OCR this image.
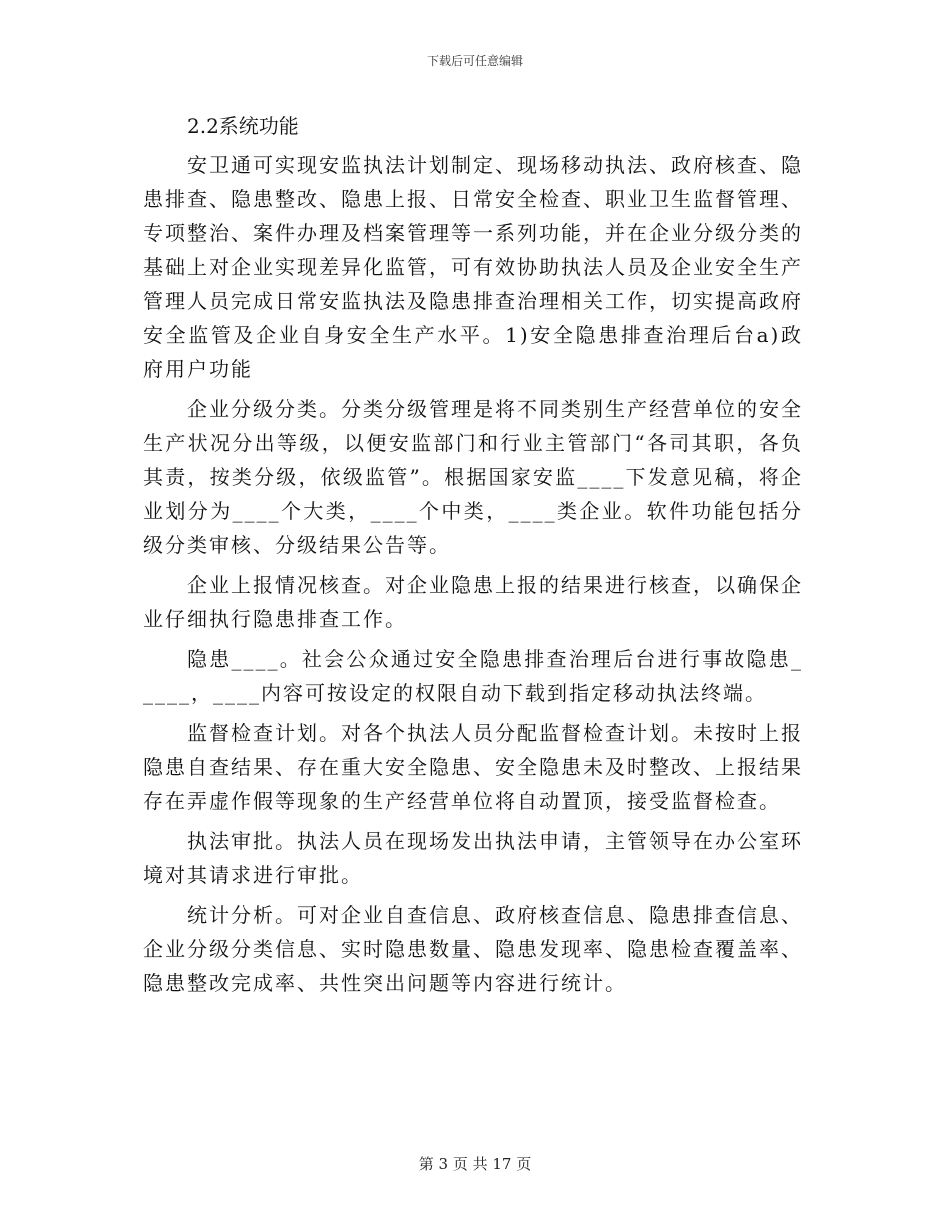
下载后可任意编辑

2.2系统功能

安卫通可实现安监执法计划制定、现场移动执法、政府核查、隐患排查、隐患整改、隐患上报、日常安全检查、职业卫生监督管理、专项整治、案件办理及档案管理等一系列功能，并在企业分级分类的基础上对企业实现差异化监管，可有效协助执法人员及企业安全生产管理人员完成日常安监执法及隐患排查治理相关工作，切实提高政府安全监管及企业自身安全生产水平。1)安全隐患排查治理后台a)政府用户功能

企业分级分类。分类分级管理是将不同类别生产经营单位的安全生产状况分出等级，以便安监部门和行业主管部门“各司其职，各负其责，按类分级，依级监管”。根据国家安监____下发意见稿，将企业划分为____个大类，____个中类，____类企业。软件功能包括分级分类审核、分级结果公告等。

企业上报情况核查。对企业隐患上报的结果进行核查，以确保企业仔细执行隐患排查工作。

隐患____。社会公众通过安全隐患排查治理后台进行事故隐患_____，____内容可按设定的权限自动下载到指定移动执法终端。

监督检查计划。对各个执法人员分配监督检查计划。未按时上报隐患自查结果、存在重大安全隐患、安全隐患未及时整改、上报结果存在弄虚作假等现象的生产经营单位将自动置顶，接受监督检查。

执法审批。执法人员在现场发出执法申请，主管领导在办公室环境对其请求进行审批。

统计分析。可对企业自查信息、政府核查信息、隐患排查信息、企业分级分类信息、实时隐患数量、隐患发现率、隐患检查覆盖率、隐患整改完成率、共性突出问题等内容进行统计。

第 3 页 共 17 页
